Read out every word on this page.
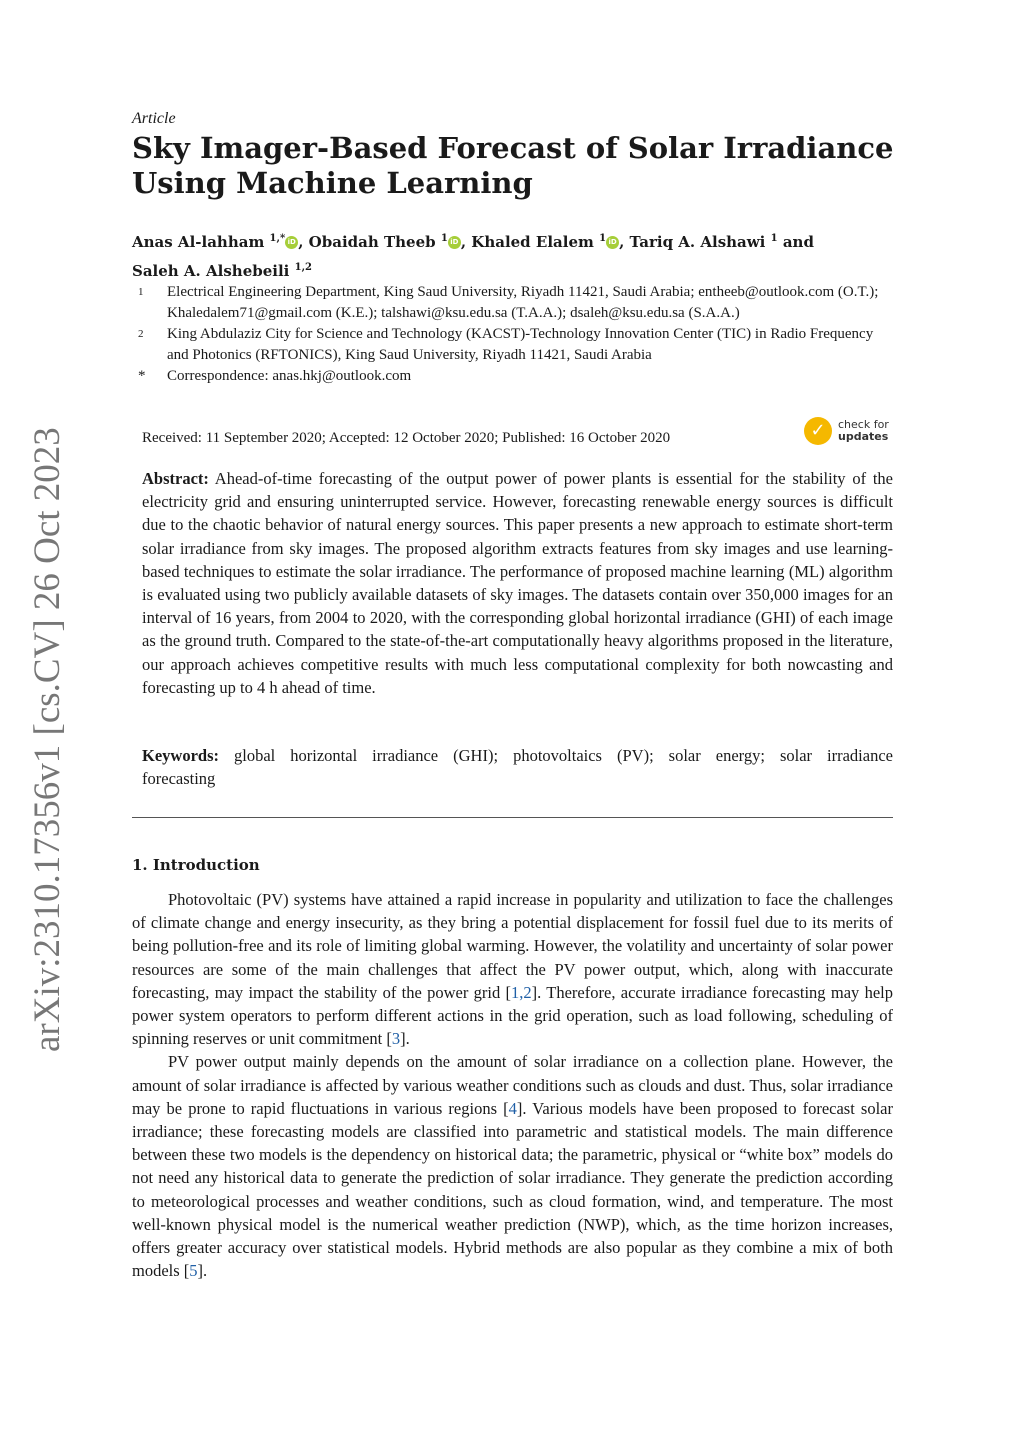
arXiv:2310.17356v1 [cs.CV] 26 Oct 2023
Article
Sky Imager-Based Forecast of Solar Irradiance Using Machine Learning
Anas Al-lahham $^{1,*}$ iD , Obaidah Theeb $^1$ iD , Khaled Elalem $^1$ iD , Tariq A. Alshawi $^1$ and
Saleh A. Alshebeili $^{1,2}$
1	Electrical Engineering Department, King Saud University, Riyadh 11421, Saudi Arabia; entheeb@outlook.com (O.T.); Khaledalem71@gmail.com (K.E.); talshawi@ksu.edu.sa (T.A.A.); dsaleh@ksu.edu.sa (S.A.A.)
2	King Abdulaziz City for Science and Technology (KACST)-Technology Innovation Center (TIC) in Radio Frequency and Photonics (RFTONICS), King Saud University, Riyadh 11421, Saudi Arabia
*	Correspondence: anas.hkj@outlook.com
Received: 11 September 2020; Accepted: 12 October 2020; Published: 16 October 2020	✓	check for
updates

Abstract: Ahead-of-time forecasting of the output power of power plants is essential for the stability of the electricity grid and ensuring uninterrupted service. However, forecasting renewable energy sources is difficult due to the chaotic behavior of natural energy sources. This paper presents a new approach to estimate short-term solar irradiance from sky images. The proposed algorithm extracts features from sky images and use learning-based techniques to estimate the solar irradiance. The performance of proposed machine learning (ML) algorithm is evaluated using two publicly available datasets of sky images. The datasets contain over 350,000 images for an interval of 16 years, from 2004 to 2020, with the corresponding global horizontal irradiance (GHI) of each image as the ground truth. Compared to the state-of-the-art computationally heavy algorithms proposed in the literature, our approach achieves competitive results with much less computational complexity for both nowcasting and forecasting up to 4 h ahead of time.

Keywords: global horizontal irradiance (GHI); photovoltaics (PV); solar energy; solar irradiance forecasting

1. Introduction

Photovoltaic (PV) systems have attained a rapid increase in popularity and utilization to face the challenges of climate change and energy insecurity, as they bring a potential displacement for fossil fuel due to its merits of being pollution-free and its role of limiting global warming. However, the volatility and uncertainty of solar power resources are some of the main challenges that affect the PV power output, which, along with inaccurate forecasting, may impact the stability of the power grid [1,2]. Therefore, accurate irradiance forecasting may help power system operators to perform different actions in the grid operation, such as load following, scheduling of spinning reserves or unit commitment [3].

PV power output mainly depends on the amount of solar irradiance on a collection plane. However, the amount of solar irradiance is affected by various weather conditions such as clouds and dust. Thus, solar irradiance may be prone to rapid fluctuations in various regions [4]. Various models have been proposed to forecast solar irradiance; these forecasting models are classified into parametric and statistical models. The main difference between these two models is the dependency on historical data; the parametric, physical or “white box” models do not need any historical data to generate the prediction of solar irradiance. They generate the prediction according to meteorological processes and weather conditions, such as cloud formation, wind, and temperature. The most well-known physical model is the numerical weather prediction (NWP), which, as the time horizon increases, offers greater accuracy over statistical models. Hybrid methods are also popular as they combine a mix of both models [5].
